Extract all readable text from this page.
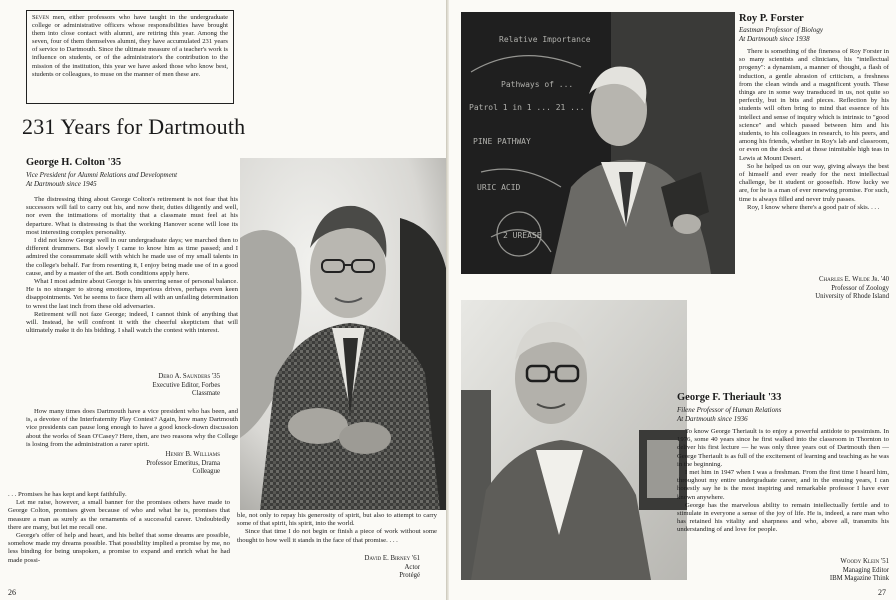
Seven men, either professors who have taught in the undergraduate college or administrative officers whose responsibilities have brought them into close contact with alumni, are retiring this year. Among the seven, four of them themselves alumni, they have accumulated 231 years of service to Dartmouth. Since the ultimate measure of a teacher's work is influence on students, or of the administrator's the contribution to the mission of the institution, this year we have asked those who know best, students or colleagues, to muse on the manner of men these are.
231 Years for Dartmouth
George H. Colton '35
Vice President for Alumni Relations and Development
At Dartmouth since 1945

The distressing thing about George Colton's retirement is not fear that his successors will fail to carry out his, and now their, duties diligently and well, nor even the intimations of mortality that a classmate must feel at his departure. What is distressing is that the working Hanover scene will lose its most interesting complex personality.

I did not know George well in our undergraduate days; we marched then to different drummers. But slowly I came to know him as time passed; and I admired the consummate skill with which he made use of my small talents in the college's behalf. Far from resenting it, I enjoy being made use of in a good cause, and by a master of the art. Both conditions apply here.

What I most admire about George is his unerring sense of personal balance. He is no stranger to strong emotions, imperious drives, perhaps even keen disappointments. Yet he seems to face them all with an unfailing determination to wrest the last inch from these old adversaries.

Retirement will not faze George; indeed, I cannot think of anything that will. Instead, he will confront it with the cheerful skepticism that will ultimately make it do his bidding. I shall watch the contest with interest.

Dero A. Saunders '35
Executive Editor, Forbes
Classmate

How many times does Dartmouth have a vice president who has been, and is, a devotee of the Interfraternity Play Contest? Again, how many Dartmouth vice presidents can pause long enough to have a good knock-down discussion about the works of Sean O'Casey? Here, then, are two reasons why the College is losing from the administration a rarer spirit.

Henry B. Williams
Professor Emeritus, Drama
Colleague

. . . Promises he has kept and kept faithfully.

Let me raise, however, a small banner for the promises others have made to George Colton, promises given because of who and what he is, promises that measure a man as surely as the ornaments of a successful career. Undoubtedly there are many, but let me recall one.

George's offer of help and heart, and his belief that some dreams are possible, somehow made my dreams possible. That possibility implied a promise by me, no less binding for being unspoken, a promise to expand and enrich what he had made possi-

ble, not only to repay his generosity of spirit, but also to attempt to carry some of that spirit, his spirit, into the world.

Since that time I do not begin or finish a piece of work without some thought to how well it stands in the face of that promise. . . .

David E. Birney '61
Actor
Protégé
26
Relative Importance
Pathways of ...
Patrol 1 in 1 ... 21 ...
PINE PATHWAY
URIC ACID
2 UREASE
Roy P. Forster
Eastman Professor of Biology
At Dartmouth since 1938

There is something of the fineness of Roy Forster in so many scientists and clinicians, his "intellectual progeny": a dynamism, a manner of thought, a flash of induction, a gentle abrasion of criticism, a freshness from the clean winds and a magnificent youth. These things are in some way transduced in us, not quite so perfectly, but in bits and pieces. Reflection by his students will often bring to mind that essence of his intellect and sense of inquiry which is intrinsic to "good science" and which passed between him and his students, to his colleagues in research, to his peers, and among his friends, whether in Roy's lab and classroom, or even on the dock and at those inimitable high teas in Lewis at Mount Desert.

So he helped us on our way, giving always the best of himself and ever ready for the next intellectual challenge, be it student or goosefish. How lucky we are, for he is a man of ever renewing promise. For such, time is always filled and never truly passes.

Roy, I know where there's a good pair of skis. . . .

Charles E. Wilde Jr. '40
Professor of Zoology
University of Rhode Island
George F. Theriault '33
Filene Professor of Human Relations
At Dartmouth since 1936

To know George Theriault is to enjoy a powerful antidote to pessimism. In 1976, some 40 years since he first walked into the classroom in Thornton to deliver his first lecture — he was only three years out of Dartmouth then — George Theriault is as full of the excitement of learning and teaching as he was in the beginning.

I met him in 1947 when I was a freshman. From the first time I heard him, throughout my entire undergraduate career, and in the ensuing years, I can honestly say he is the most inspiring and remarkable professor I have ever known anywhere.

George has the marvelous ability to remain intellectually fertile and to stimulate in everyone a sense of the joy of life. He is, indeed, a rare man who has retained his vitality and sharpness and who, above all, transmits his understanding of and love for people.

Woody Klein '51
Managing Editor
IBM Magazine Think
27
